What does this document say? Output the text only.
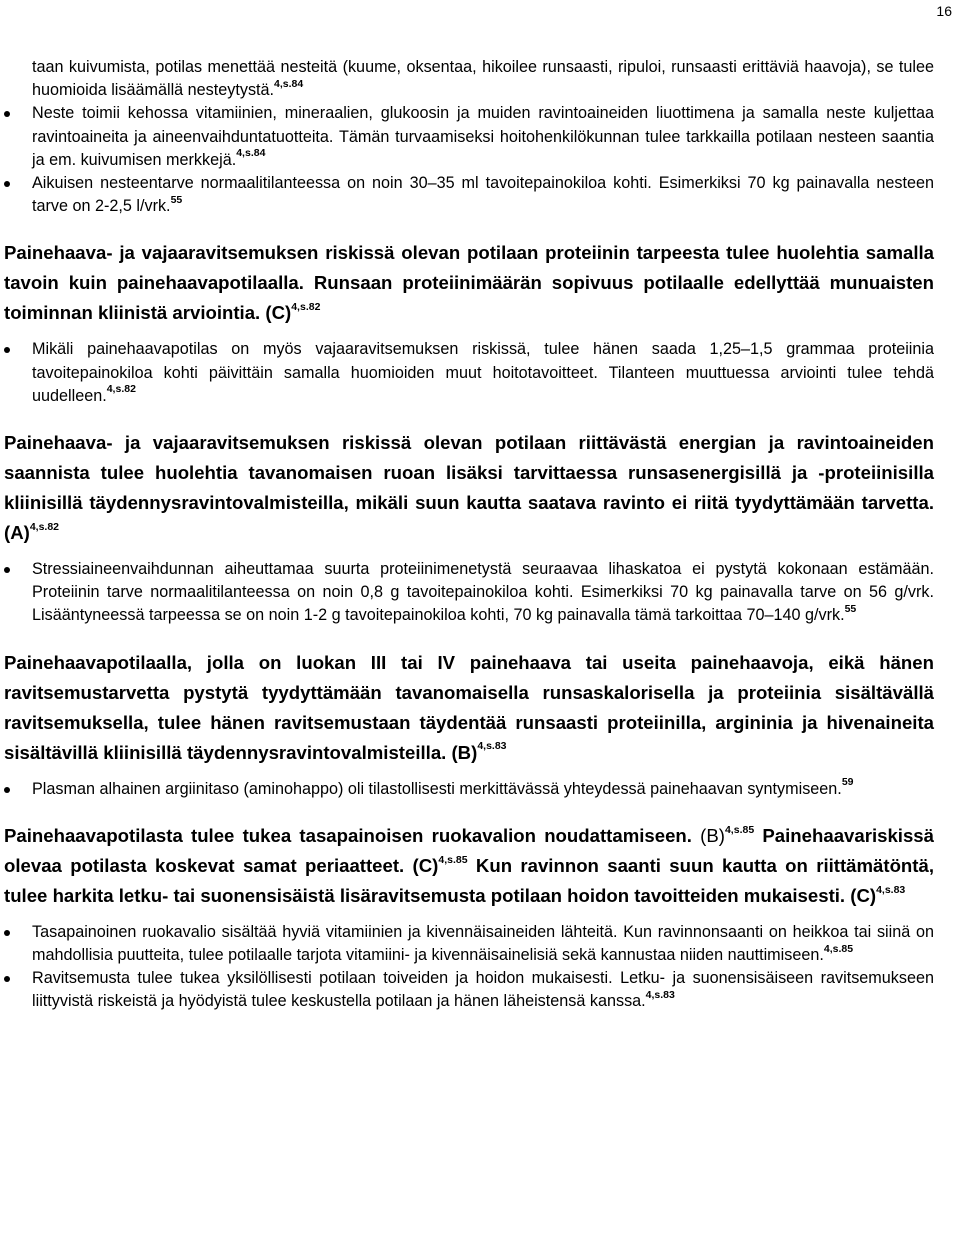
16
taan kuivumista, potilas menettää nesteitä (kuume, oksentaa, hikoilee runsaasti, ripuloi, runsaasti erittäviä haavoja), se tulee huomioida lisäämällä nesteytystä.$^{4,s.84}$
Neste toimii kehossa vitamiinien, mineraalien, glukoosin ja muiden ravintoaineiden liuottimena ja samalla neste kuljettaa ravintoaineita ja aineenvaihduntatuotteita. Tämän turvaamiseksi hoitohenkilökunnan tulee tarkkailla potilaan nesteen saantia ja em. kuivumisen merkkejä.$^{4,s.84}$
Aikuisen nesteentarve normaalitilanteessa on noin 30–35 ml tavoitepainokiloa kohti. Esimerkiksi 70 kg painavalla nesteen tarve on 2-2,5 l/vrk.$^{55}$

Painehaava- ja vajaaravitsemuksen riskissä olevan potilaan proteiinin tarpeesta tulee huolehtia samalla tavoin kuin painehaavapotilaalla. Runsaan proteiinimäärän sopivuus potilaalle edellyttää munuaisten toiminnan kliinistä arviointia. $(C)^{4,s.82}$

Mikäli painehaavapotilas on myös vajaaravitsemuksen riskissä, tulee hänen saada 1,25–1,5 grammaa proteiinia tavoitepainokiloa kohti päivittäin samalla huomioiden muut hoitotavoitteet. Tilanteen muuttuessa arviointi tulee tehdä uudelleen.$^{4,s.82}$

Painehaava- ja vajaaravitsemuksen riskissä olevan potilaan riittävästä energian ja ravintoaineiden saannista tulee huolehtia tavanomaisen ruoan lisäksi tarvittaessa runsasenergisillä ja -proteiinisilla kliinisillä täydennysravintovalmisteilla, mikäli suun kautta saatava ravinto ei riitä tyydyttämään tarvetta. $(A)^{4,s.82}$

Stressiaineenvaihdunnan aiheuttamaa suurta proteiinimenetystä seuraavaa lihaskatoa ei pystytä kokonaan estämään. Proteiinin tarve normaalitilanteessa on noin 0,8 g tavoitepainokiloa kohti. Esimerkiksi 70 kg painavalla tarve on 56 g/vrk. Lisääntyneessä tarpeessa se on noin 1-2 g tavoitepainokiloa kohti, 70 kg painavalla tämä tarkoittaa 70–140 g/vrk.$^{55}$

Painehaavapotilaalla, jolla on luokan III tai IV painehaava tai useita painehaavoja, eikä hänen ravitsemustarvetta pystytä tyydyttämään tavanomaisella runsaskalorisella ja proteiinia sisältävällä ravitsemuksella, tulee hänen ravitsemustaan täydentää runsaasti proteiinilla, argininia ja hivenaineita sisältävillä kliinisillä täydennysravintovalmisteilla. $(B)^{4,s.83}$

Plasman alhainen argiinitaso (aminohappo) oli tilastollisesti merkittävässä yhteydessä painehaavan syntymiseen.$^{59}$

Painehaavapotilasta tulee tukea tasapainoisen ruokavalion noudattamiseen. $(B)^{4,s.85}$ Painehaavariskissä olevaa potilasta koskevat samat periaatteet. $(C)^{4,s.85}$ Kun ravinnon saanti suun kautta on riittämätöntä, tulee harkita letku- tai suonensisäistä lisäravitsemusta potilaan hoidon tavoitteiden mukaisesti. $(C)^{4,s.83}$

Tasapainoinen ruokavalio sisältää hyviä vitamiinien ja kivennäisaineiden lähteitä. Kun ravinnonsaanti on heikkoa tai siinä on mahdollisia puutteita, tulee potilaalle tarjota vitamiini- ja kivennäisainelisiä sekä kannustaa niiden nauttimiseen.$^{4,s.85}$
Ravitsemusta tulee tukea yksilöllisesti potilaan toiveiden ja hoidon mukaisesti. Letku- ja suonensisäiseen ravitsemukseen liittyvistä riskeistä ja hyödyistä tulee keskustella potilaan ja hänen läheistensä kanssa.$^{4,s.83}$
